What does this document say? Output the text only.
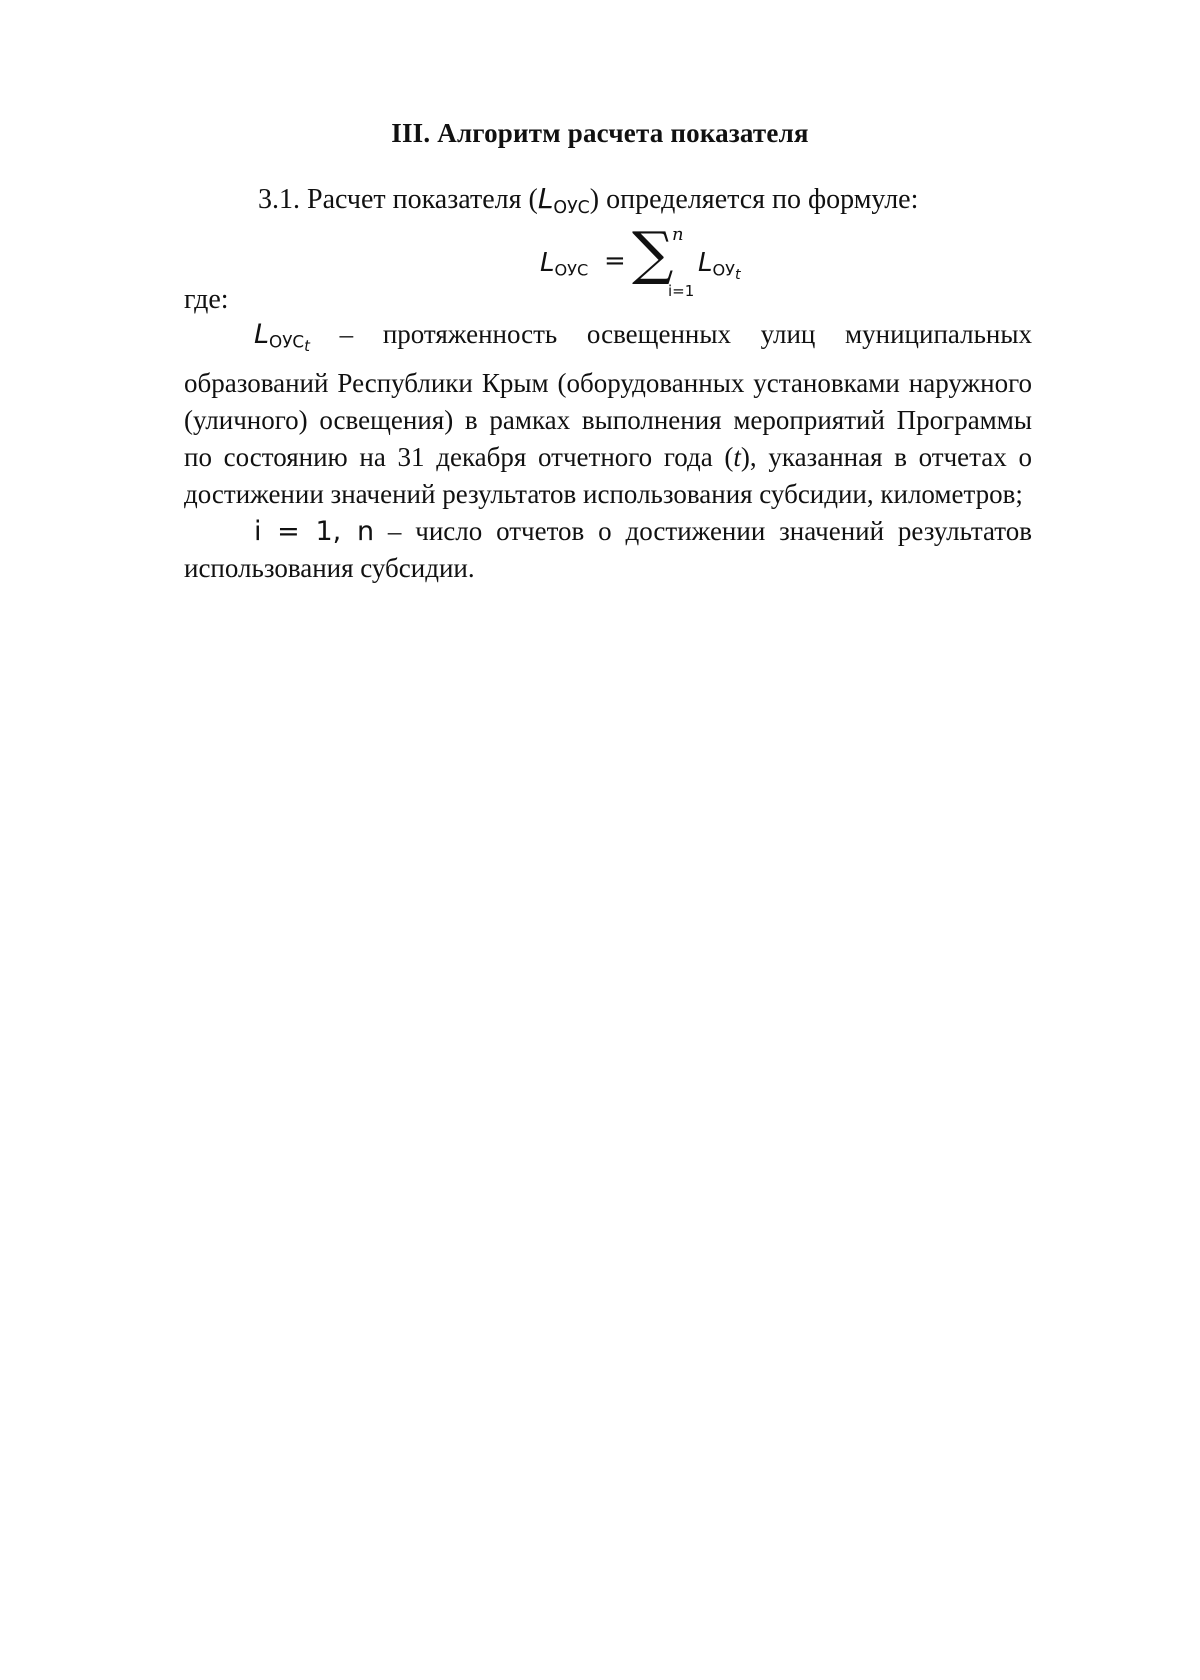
III. Алгоритм расчета показателя
3.1. Расчет показателя $(L_{ОУС})$ определяется по формуле:
$L_{ОУС}$ = ∑
n
i=1
$L_{ОУt}$
где:

$L_{ОУСt}$ – протяженность освещенных улиц муниципальных образований Республики Крым (оборудованных установками наружного (уличного) освещения) в рамках выполнения мероприятий Программы по состоянию на 31 декабря отчетного года (t), указанная в отчетах о достижении значений результатов использования субсидии, километров;

i = 1, n – число отчетов о достижении значений результатов использования субсидии.
